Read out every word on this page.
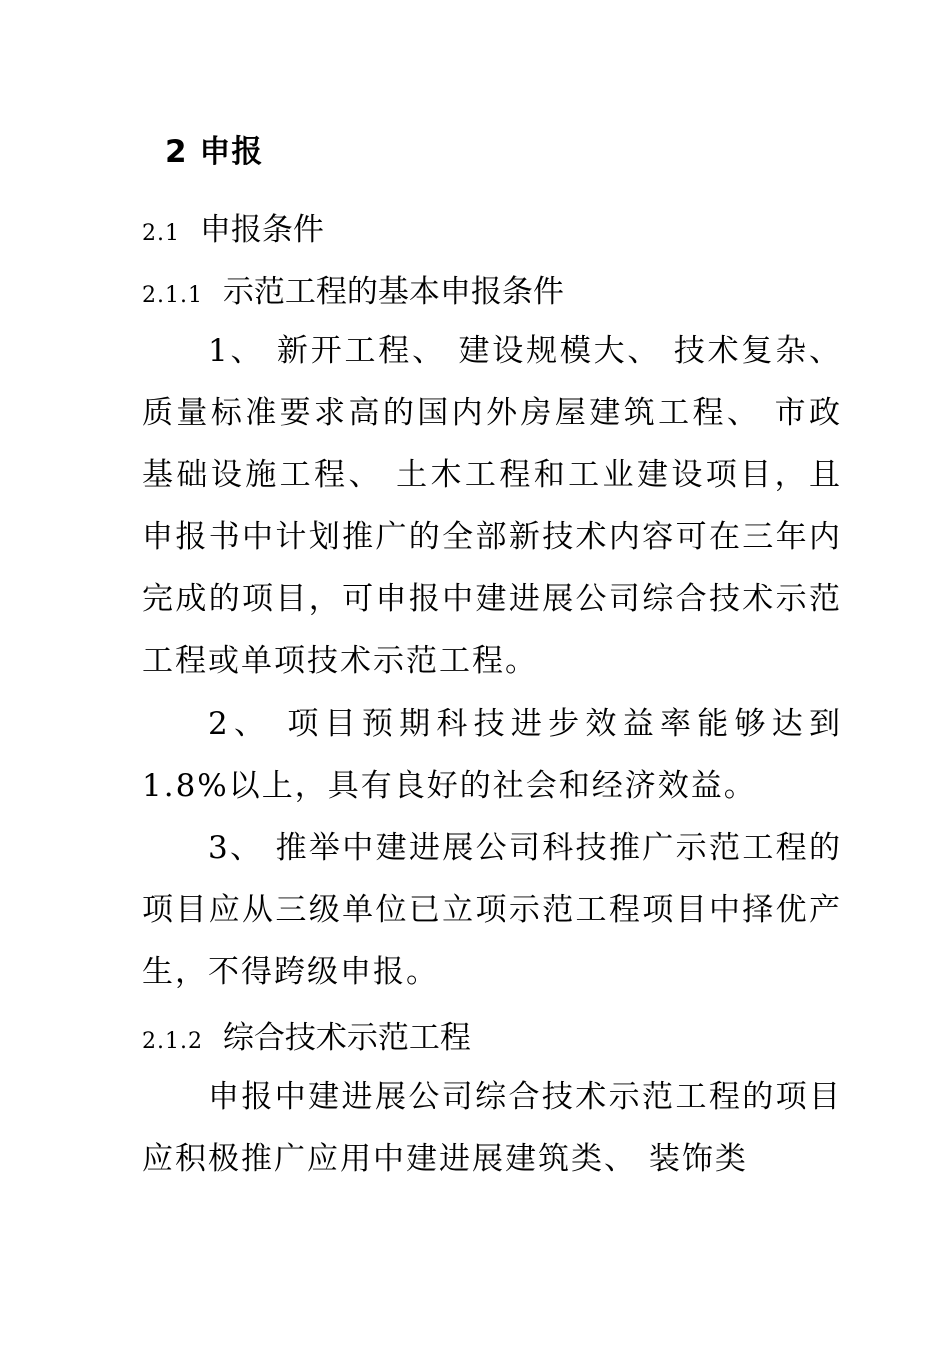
2 申报
2.1 申报条件
2.1.1 示范工程的基本申报条件

1、 新开工程、 建设规模大、 技术复杂、 质量标准要求高的国内外房屋建筑工程、 市政基础设施工程、 土木工程和工业建设项目，且申报书中计划推广的全部新技术内容可在三年内完成的项目，可申报中建进展公司综合技术示范工程或单项技术示范工程。

2、 项目预期科技进步效益率能够达到1.8%以上，具有良好的社会和经济效益。

3、 推举中建进展公司科技推广示范工程的项目应从三级单位已立项示范工程项目中择优产生，不得跨级申报。

2.1.2 综合技术示范工程

申报中建进展公司综合技术示范工程的项目应积极推广应用中建进展建筑类、 装饰类
